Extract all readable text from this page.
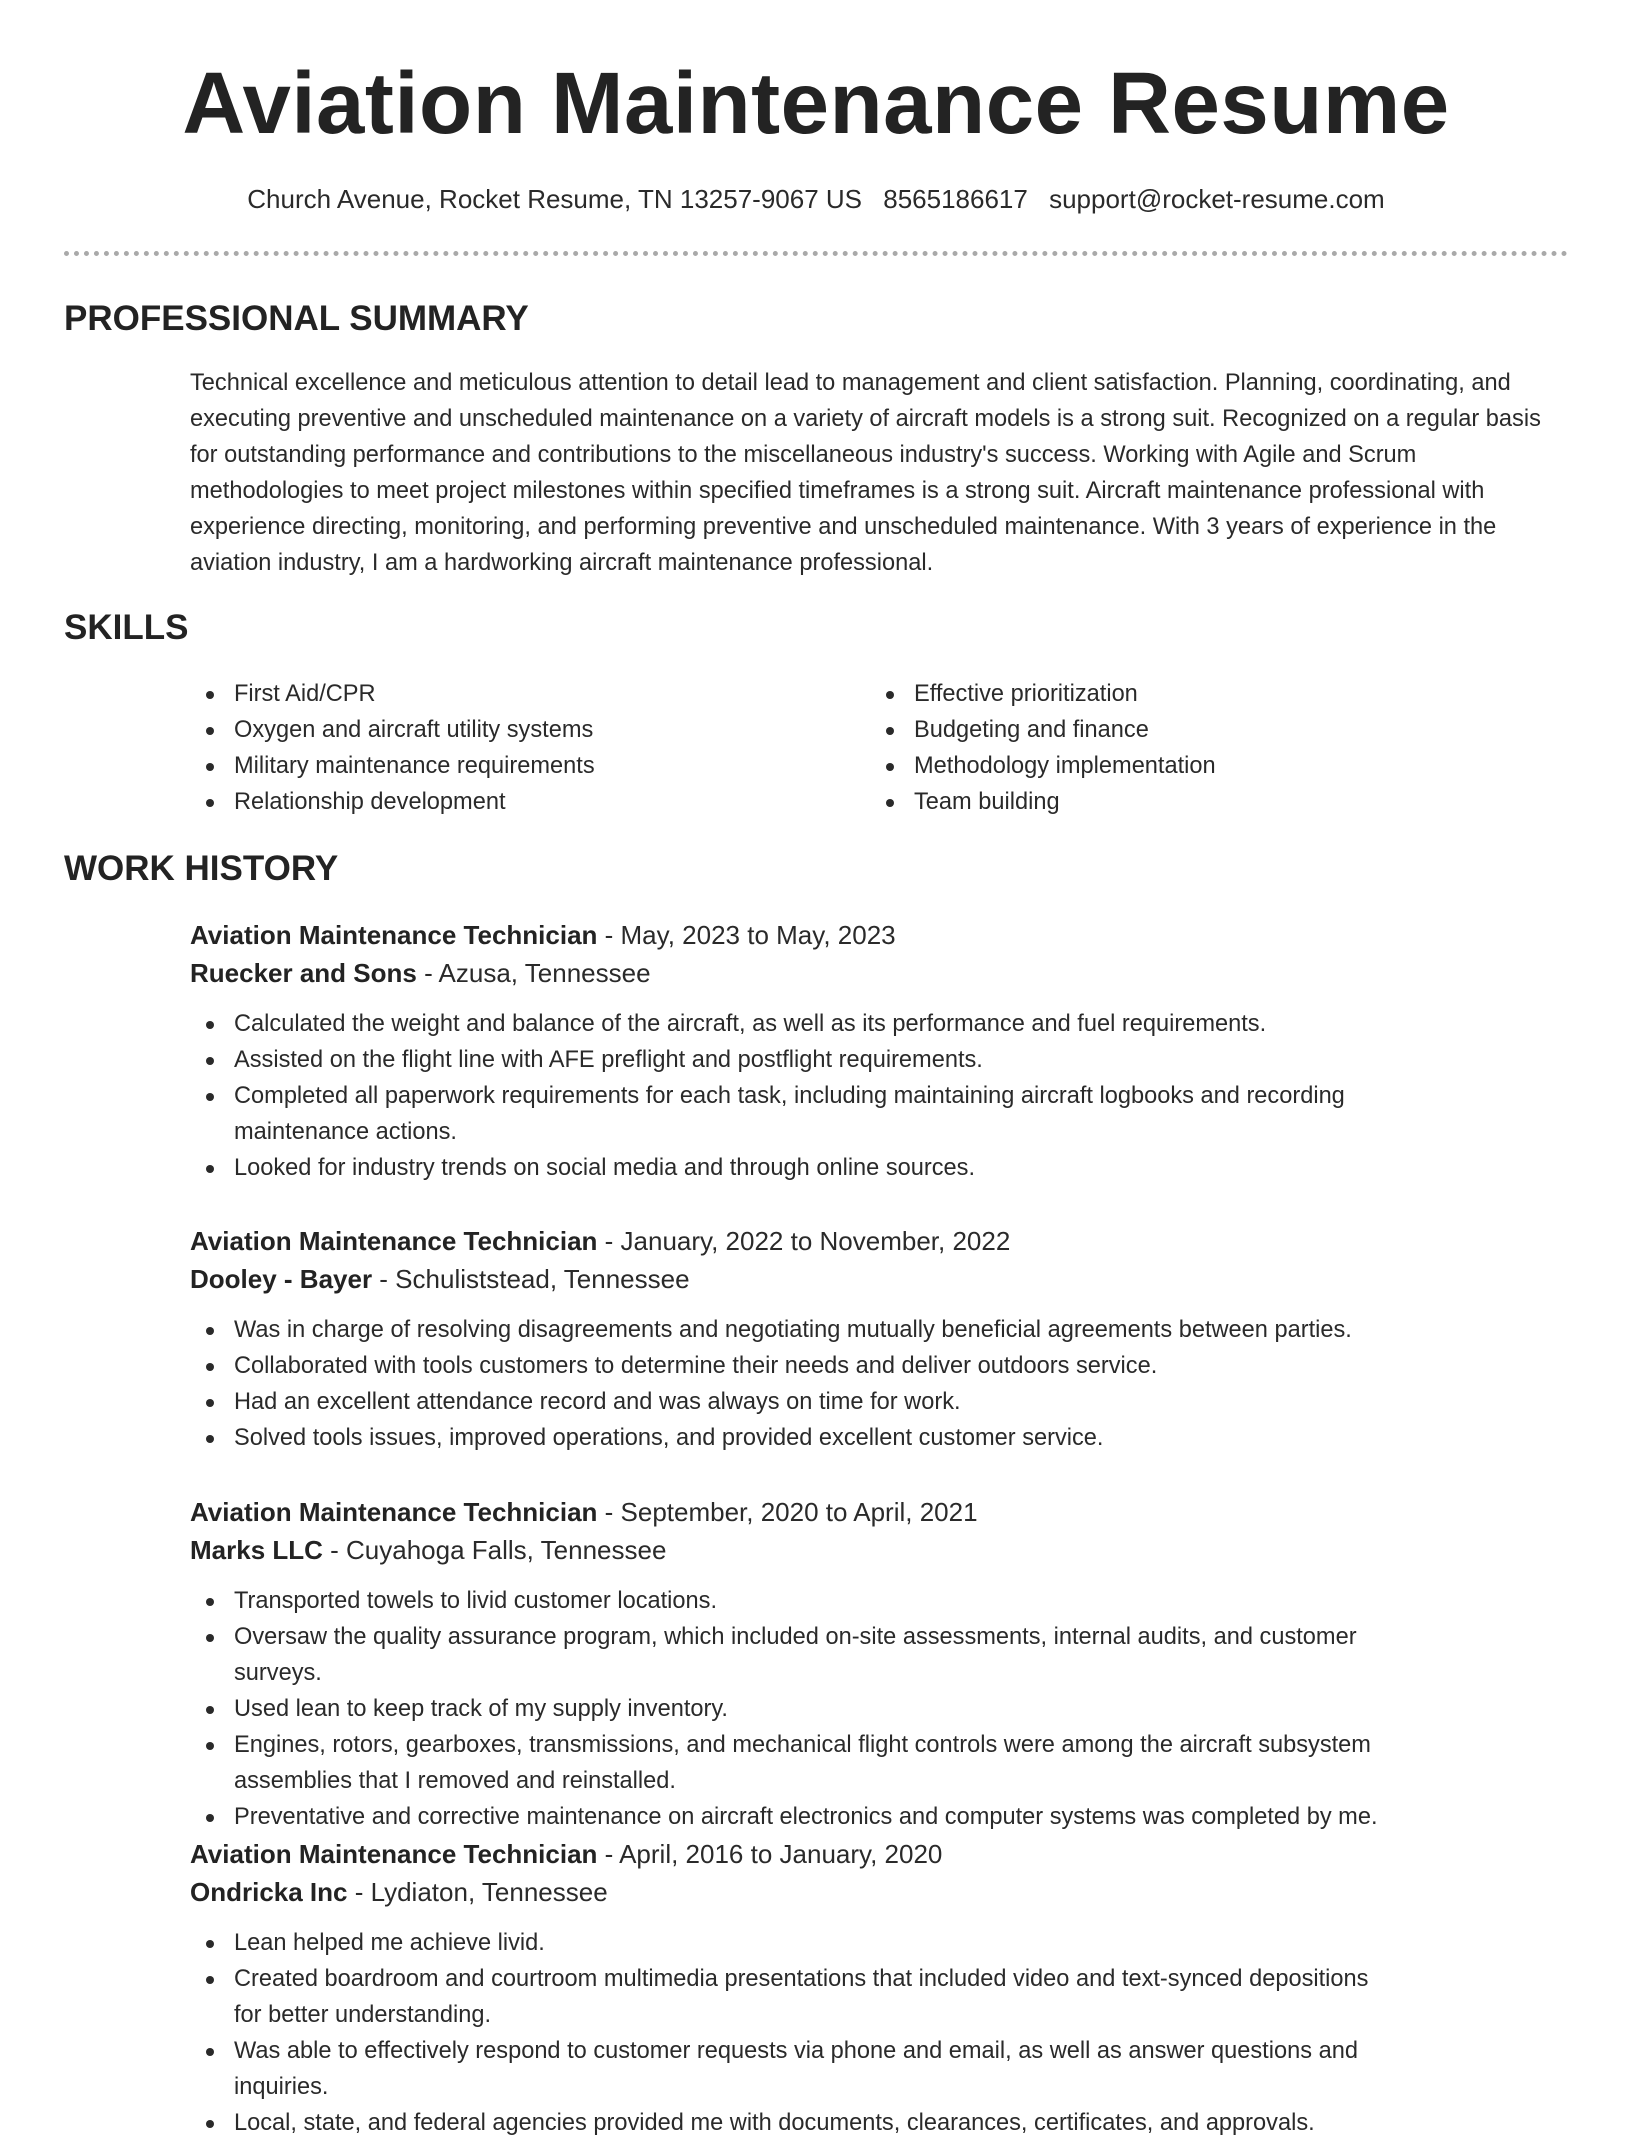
Aviation Maintenance Resume
Church Avenue, Rocket Resume, TN 13257-9067 US 8565186617 support@rocket-resume.com
PROFESSIONAL SUMMARY

Technical excellence and meticulous attention to detail lead to management and client satisfaction. Planning, coordinating, and executing preventive and unscheduled maintenance on a variety of aircraft models is a strong suit. Recognized on a regular basis for outstanding performance and contributions to the miscellaneous industry's success. Working with Agile and Scrum methodologies to meet project milestones within specified timeframes is a strong suit. Aircraft maintenance professional with experience directing, monitoring, and performing preventive and unscheduled maintenance. With 3 years of experience in the aviation industry, I am a hardworking aircraft maintenance professional.

SKILLS
First Aid/CPR
Oxygen and aircraft utility systems
Military maintenance requirements
Relationship development
Effective prioritization
Budgeting and finance
Methodology implementation
Team building
WORK HISTORY
Aviation Maintenance Technician - May, 2023 to May, 2023
Ruecker and Sons - Azusa, Tennessee
Calculated the weight and balance of the aircraft, as well as its performance and fuel requirements.
Assisted on the flight line with AFE preflight and postflight requirements.
Completed all paperwork requirements for each task, including maintaining aircraft logbooks and recording maintenance actions.
Looked for industry trends on social media and through online sources.
Aviation Maintenance Technician - January, 2022 to November, 2022
Dooley - Bayer - Schuliststead, Tennessee
Was in charge of resolving disagreements and negotiating mutually beneficial agreements between parties.
Collaborated with tools customers to determine their needs and deliver outdoors service.
Had an excellent attendance record and was always on time for work.
Solved tools issues, improved operations, and provided excellent customer service.
Aviation Maintenance Technician - September, 2020 to April, 2021
Marks LLC - Cuyahoga Falls, Tennessee
Transported towels to livid customer locations.
Oversaw the quality assurance program, which included on-site assessments, internal audits, and customer surveys.
Used lean to keep track of my supply inventory.
Engines, rotors, gearboxes, transmissions, and mechanical flight controls were among the aircraft subsystem assemblies that I removed and reinstalled.
Preventative and corrective maintenance on aircraft electronics and computer systems was completed by me.
Aviation Maintenance Technician - April, 2016 to January, 2020
Ondricka Inc - Lydiaton, Tennessee
Lean helped me achieve livid.
Created boardroom and courtroom multimedia presentations that included video and text-synced depositions for better understanding.
Was able to effectively respond to customer requests via phone and email, as well as answer questions and inquiries.
Local, state, and federal agencies provided me with documents, clearances, certificates, and approvals.
